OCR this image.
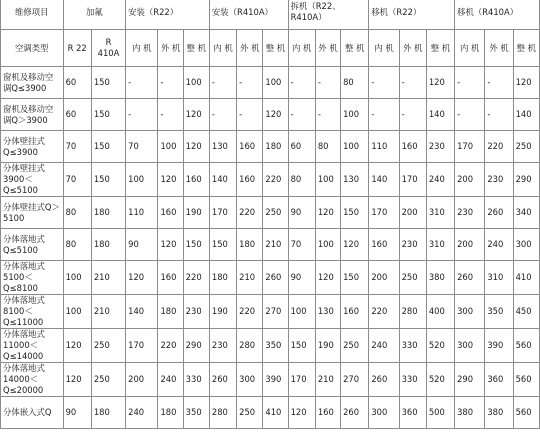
维修项目	加氟		安装（R22）			安装（R410A）			拆机（R22、R410A）			移机（R22）			移机（R410A）		
空调类型	R 22	R 410A	内 机	外 机	整 机	内 机	外 机	整 机	内 机	外 机	整 机	内 机	外 机	整 机	内 机	外 机	整 机
窗机及移动空调Q≤3900	60	150	-	-	100	-	-	100	-	-	80	-	-	120	-	-	120
窗机及移动空调Q＞3900	60	150	-	-	120	-	-	120	-	-	100	-	-	140	-	-	140
分体壁挂式Q≤3900	70	150	70	100	120	130	160	180	60	80	100	110	160	230	170	220	250
分体壁挂式3900＜Q≤5100	70	150	100	120	160	140	160	220	80	100	130	140	170	240	200	230	290
分体壁挂式Q＞5100	80	180	110	160	190	170	220	250	90	120	150	170	200	310	230	260	340
分体落地式Q≤5100	80	180	90	120	150	150	180	210	70	100	120	160	230	310	200	240	300
分体落地式5100＜Q≤8100	100	210	120	160	220	180	210	260	90	120	150	200	250	380	260	310	410
分体落地式8100＜Q≤11000	100	210	140	180	230	190	220	270	100	130	160	220	280	400	300	350	450
分体落地式11000＜Q≤14000	120	250	170	220	290	230	280	350	150	190	250	240	330	520	300	390	560
分体落地式14000＜Q≤20000	120	250	200	240	330	260	300	390	170	210	270	260	330	520	290	360	560
分体嵌入式Q	90	180	240	180	350	280	250	410	120	160	260	300	360	500	380	380	560
